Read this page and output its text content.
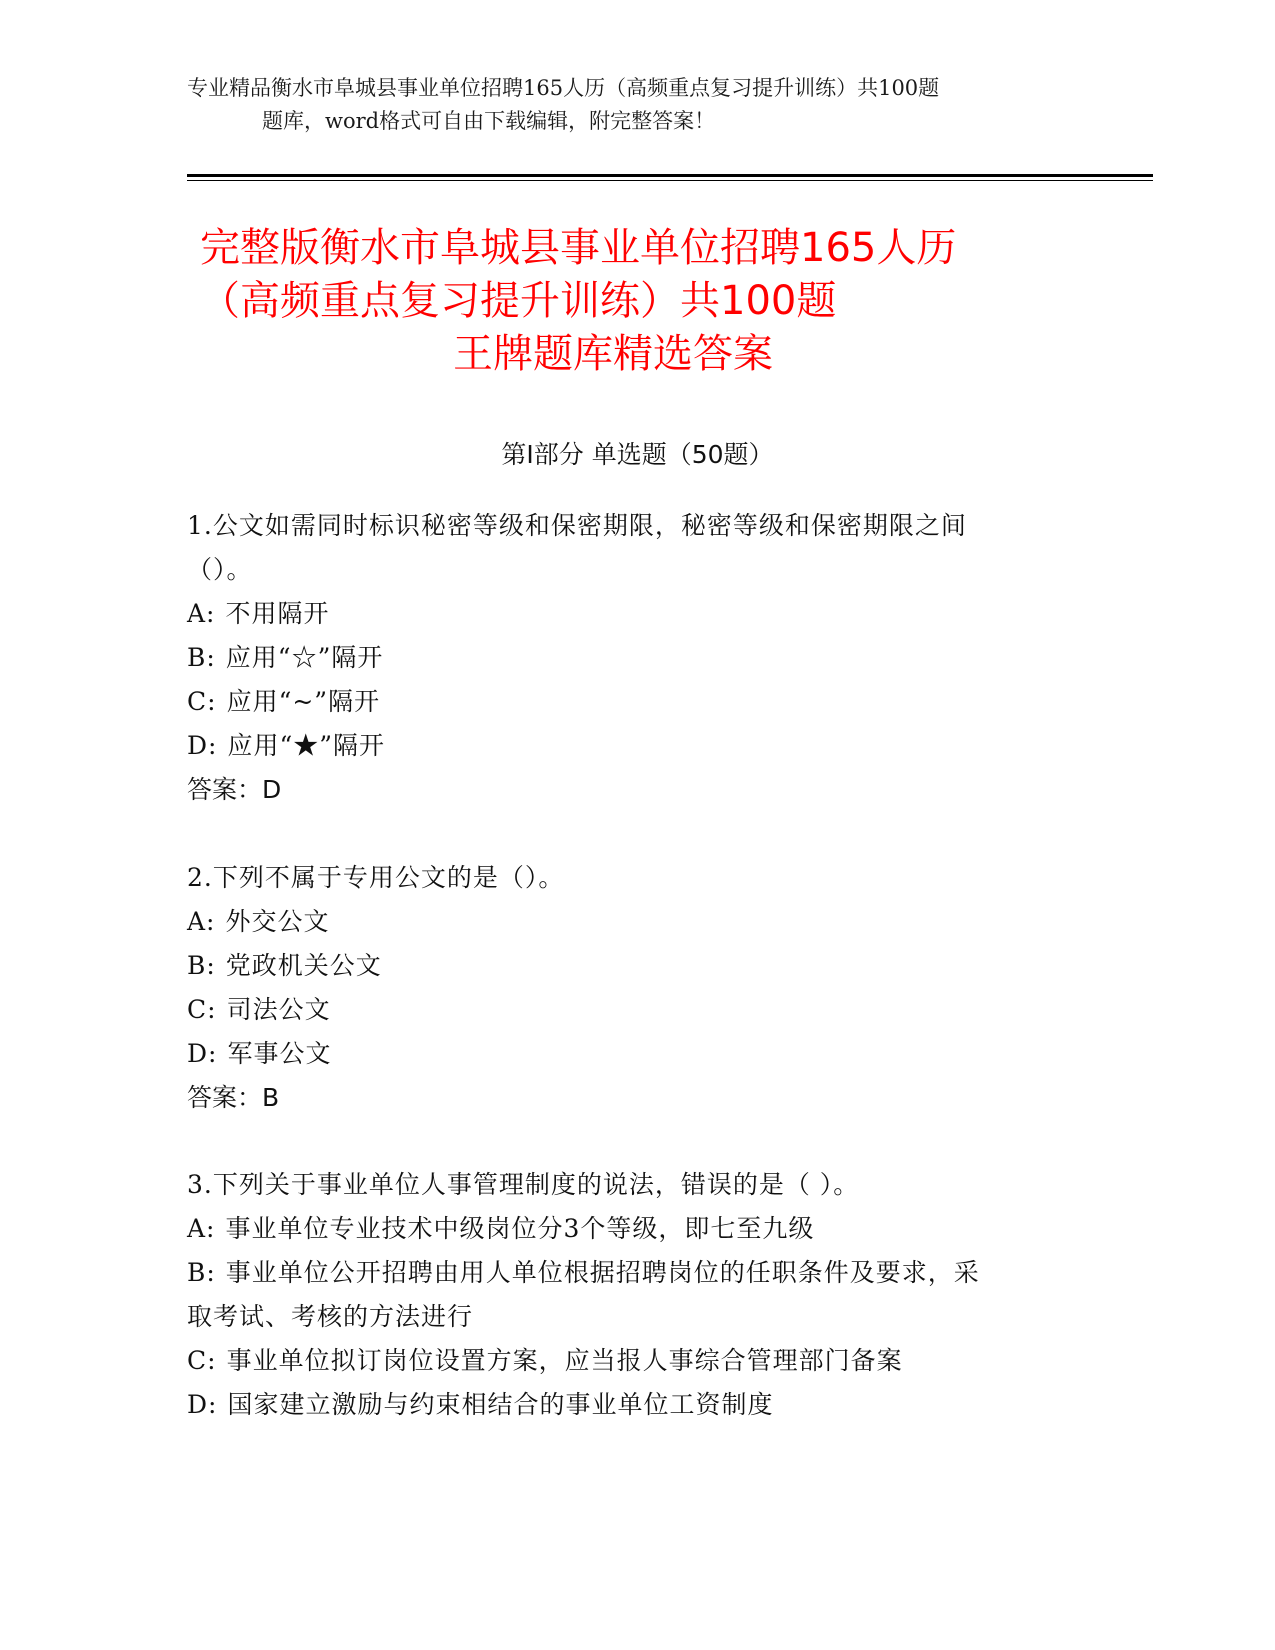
专业精品衡水市阜城县事业单位招聘165人历（高频重点复习提升训练）共100题
题库，word格式可自由下载编辑，附完整答案！
完整版衡水市阜城县事业单位招聘165人历
（高频重点复习提升训练）共100题
王牌题库精选答案
第Ⅰ部分 单选题（50题）
1.公文如需同时标识秘密等级和保密期限，秘密等级和保密期限之间
（）。
A: 不用隔开
B: 应用“☆”隔开
C: 应用“~”隔开
D: 应用“★”隔开
答案：D
2.下列不属于专用公文的是（）。
A: 外交公文
B: 党政机关公文
C: 司法公文
D: 军事公文
答案：B
3.下列关于事业单位人事管理制度的说法，错误的是（ ）。
A: 事业单位专业技术中级岗位分3个等级，即七至九级
B: 事业单位公开招聘由用人单位根据招聘岗位的任职条件及要求，采
取考试、考核的方法进行
C: 事业单位拟订岗位设置方案，应当报人事综合管理部门备案
D: 国家建立激励与约束相结合的事业单位工资制度
